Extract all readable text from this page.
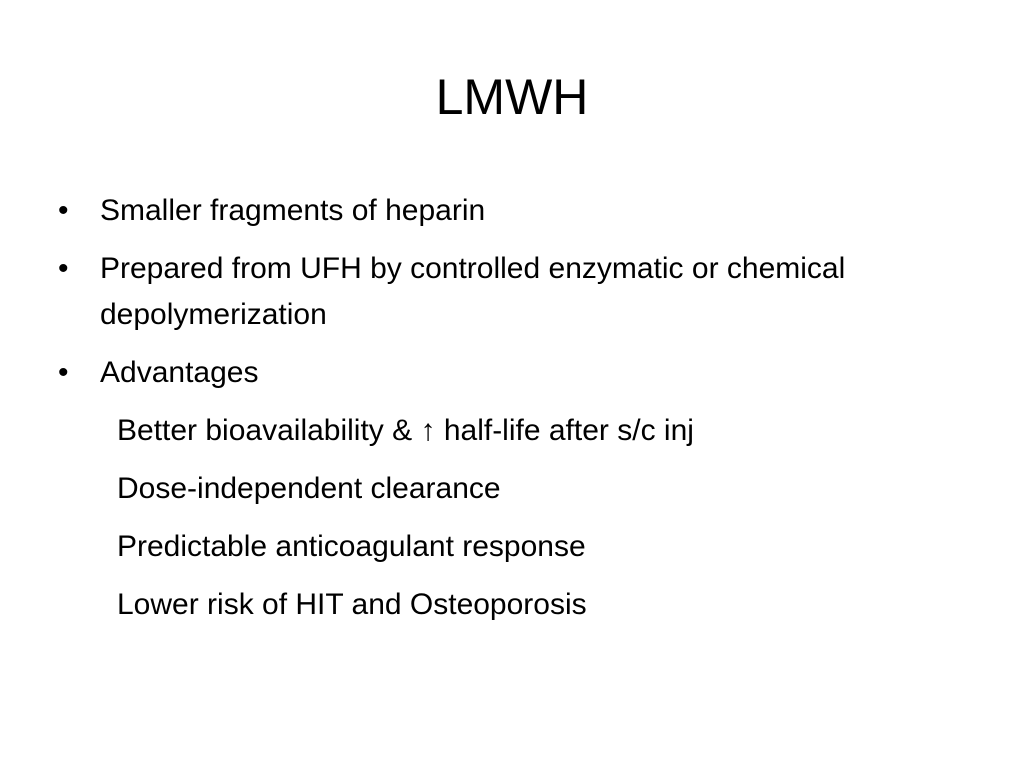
LMWH
•	Smaller fragments of heparin
•	Prepared from UFH by controlled enzymatic or chemical depolymerization
•	Advantages
Better bioavailability & ↑ half-life after s/c inj
Dose-independent clearance
Predictable anticoagulant response
Lower risk of HIT and Osteoporosis
